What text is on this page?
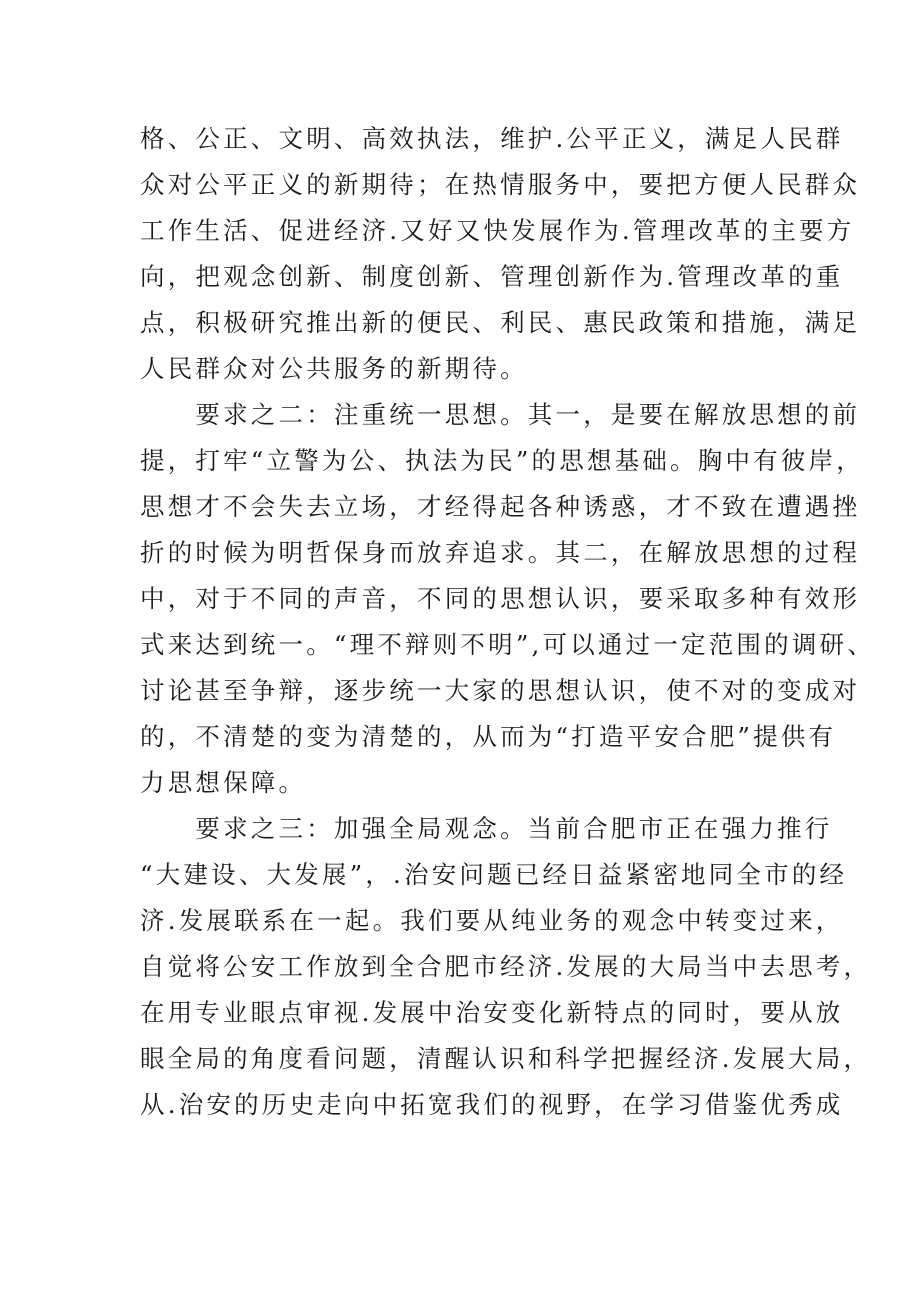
格、公正、文明、高效执法，维护.公平正义，满足人民群
众对公平正义的新期待；在热情服务中，要把方便人民群众
工作生活、促进经济.又好又快发展作为.管理改革的主要方
向，把观念创新、制度创新、管理创新作为.管理改革的重
点，积极研究推出新的便民、利民、惠民政策和措施，满足
人民群众对公共服务的新期待。
　　要求之二：注重统一思想。其一，是要在解放思想的前
提，打牢“立警为公、执法为民”的思想基础。胸中有彼岸，
思想才不会失去立场，才经得起各种诱惑，才不致在遭遇挫
折的时候为明哲保身而放弃追求。其二，在解放思想的过程
中，对于不同的声音，不同的思想认识，要采取多种有效形
式来达到统一。“理不辩则不明”,可以通过一定范围的调研、
讨论甚至争辩，逐步统一大家的思想认识，使不对的变成对
的，不清楚的变为清楚的，从而为“打造平安合肥”提供有
力思想保障。
　　要求之三：加强全局观念。当前合肥市正在强力推行
“大建设、大发展”，.治安问题已经日益紧密地同全市的经
济.发展联系在一起。我们要从纯业务的观念中转变过来，
自觉将公安工作放到全合肥市经济.发展的大局当中去思考，
在用专业眼点审视.发展中治安变化新特点的同时，要从放
眼全局的角度看问题，清醒认识和科学把握经济.发展大局，
从.治安的历史走向中拓宽我们的视野，在学习借鉴优秀成
